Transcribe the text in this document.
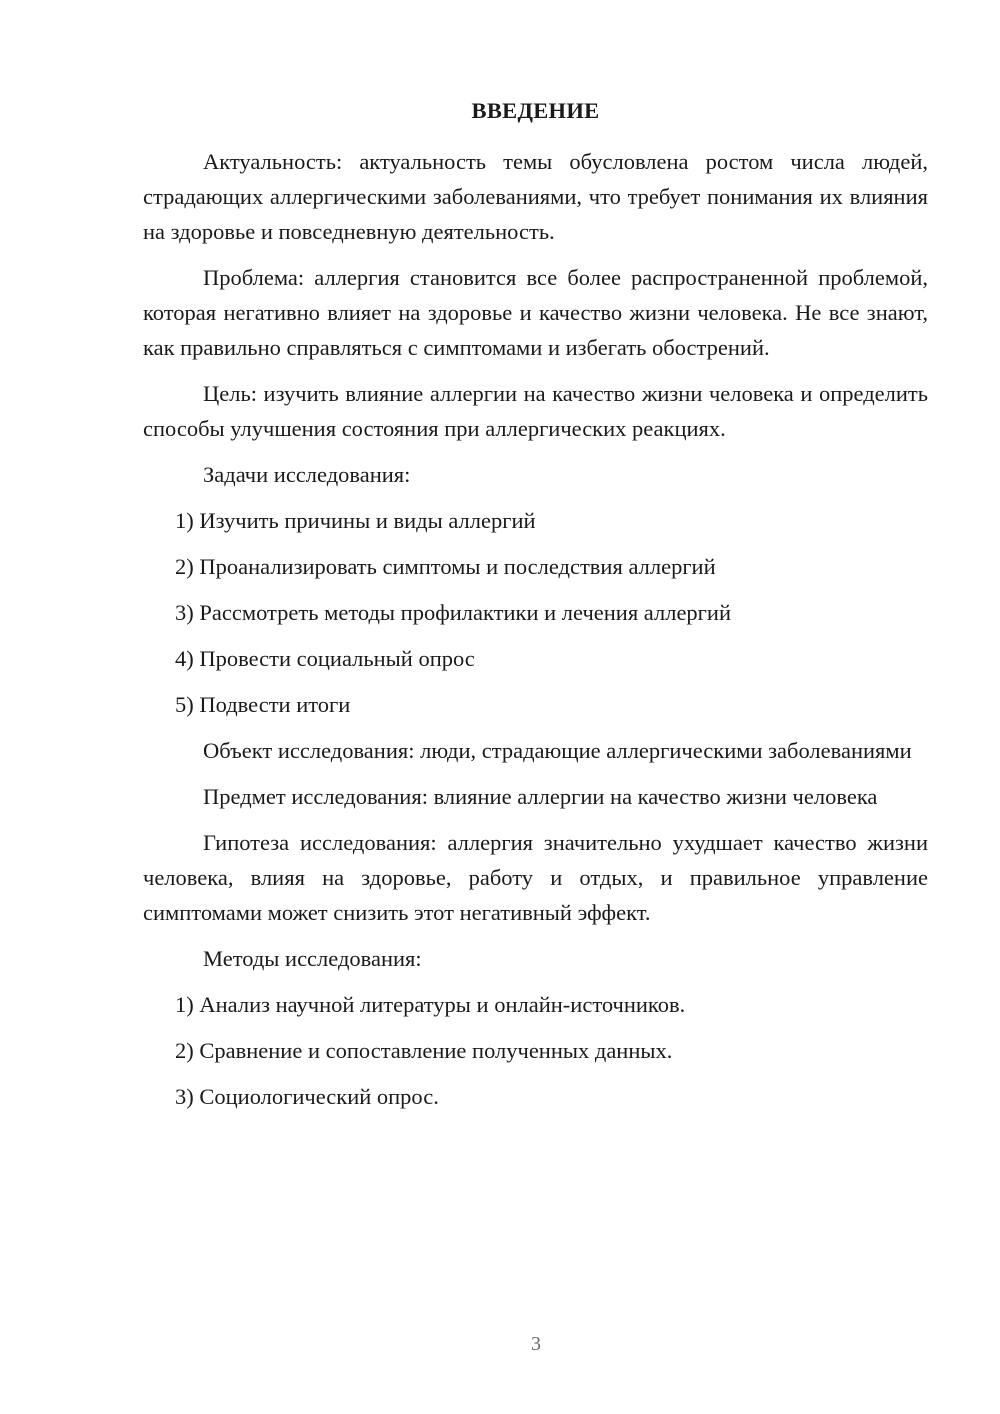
ВВЕДЕНИЕ
Актуальность: актуальность темы обусловлена ростом числа людей, страдающих аллергическими заболеваниями, что требует понимания их влияния на здоровье и повседневную деятельность.
Проблема: аллергия становится все более распространенной проблемой, которая негативно влияет на здоровье и качество жизни человека. Не все знают, как правильно справляться с симптомами и избегать обострений.
Цель: изучить влияние аллергии на качество жизни человека и определить способы улучшения состояния при аллергических реакциях.
Задачи исследования:
1) Изучить причины и виды аллергий
2) Проанализировать симптомы и последствия аллергий
3) Рассмотреть методы профилактики и лечения аллергий
4) Провести социальный опрос
5) Подвести итоги
Объект исследования: люди, страдающие аллергическими заболеваниями
Предмет исследования: влияние аллергии на качество жизни человека
Гипотеза исследования: аллергия значительно ухудшает качество жизни человека, влияя на здоровье, работу и отдых, и правильное управление симптомами может снизить этот негативный эффект.
Методы исследования:
1) Анализ научной литературы и онлайн-источников.
2) Сравнение и сопоставление полученных данных.
3) Социологический опрос.
3
